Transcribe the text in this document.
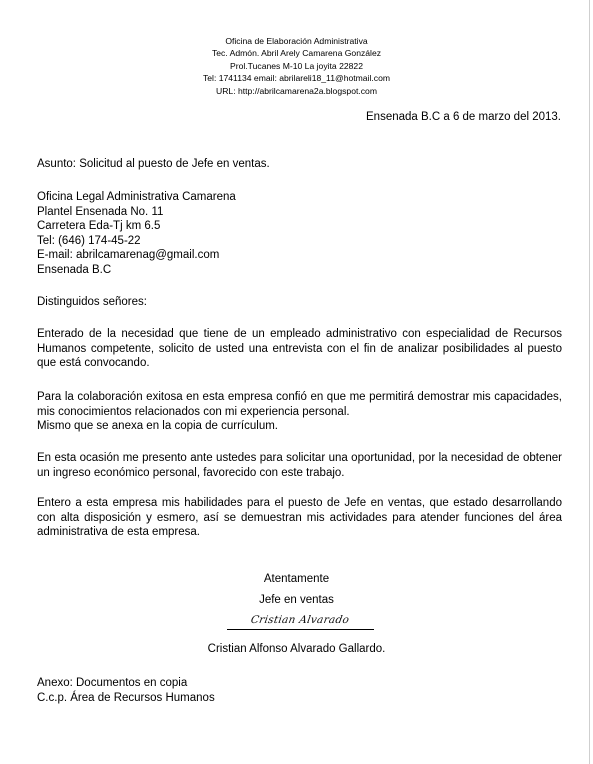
Oficina de Elaboración Administrativa
Tec. Admón. Abril Arely Camarena González
Prol.Tucanes M-10 La joyita 22822
Tel: 1741134 email: abrilareli18_11@hotmail.com
URL: http://abrilcamarena2a.blogspot.com
Ensenada B.C a 6 de marzo del 2013.
Asunto: Solicitud al puesto de Jefe en ventas.
Oficina Legal Administrativa Camarena
Plantel Ensenada No. 11
Carretera Eda-Tj km 6.5
Tel: (646) 174-45-22
E-mail: abrilcamarenag@gmail.com
Ensenada B.C
Distinguidos señores:
Enterado de la necesidad que tiene de un empleado administrativo con especialidad de Recursos Humanos competente, solicito de usted una entrevista con el fin de analizar posibilidades al puesto que está convocando.
Para la colaboración exitosa en esta empresa confió en que me permitirá demostrar mis capacidades, mis conocimientos relacionados con mi experiencia personal.
Mismo que se anexa en la copia de currículum.
En esta ocasión me presento ante ustedes para solicitar una oportunidad, por la necesidad de obtener un ingreso económico personal, favorecido con este trabajo.
Entero a esta empresa mis habilidades para el puesto de Jefe en ventas, que estado desarrollando con alta disposición y esmero, así se demuestran mis actividades para atender funciones del área administrativa de esta empresa.
Atentamente
Jefe en ventas
Cristian Alvarado
Cristian Alfonso Alvarado Gallardo.
Anexo: Documentos en copia
C.c.p. Área de Recursos Humanos
